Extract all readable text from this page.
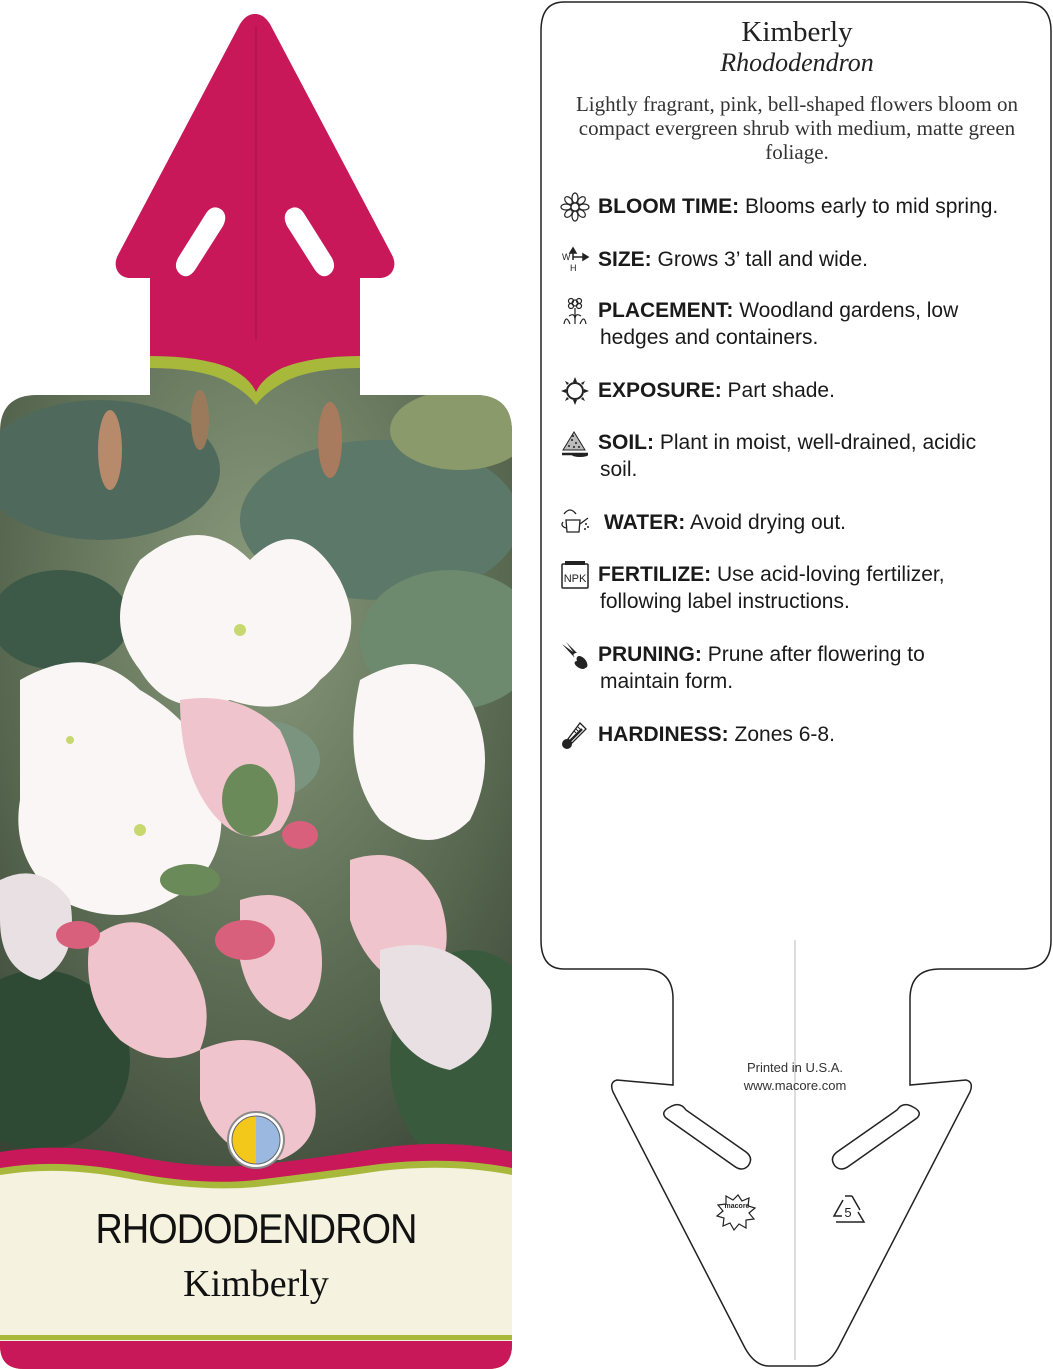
RHODODENDRON
Kimberly
macore	5
Kimberly
Rhododendron
Lightly fragrant, pink, bell-shaped flowers bloom on compact evergreen shrub with medium, matte green foliage.
BLOOM TIME: Blooms early to mid spring.
W
H SIZE: Grows 3’ tall and wide.
PLACEMENT: Woodland gardens, low
hedges and containers.
EXPOSURE: Part shade.
SOIL: Plant in moist, well-drained, acidic
soil.
WATER: Avoid drying out.
NPK FERTILIZE: Use acid-loving fertilizer,
following label instructions.
PRUNING: Prune after flowering to
maintain form.
HARDINESS: Zones 6-8.
Printed in U.S.A.
www.macore.com
